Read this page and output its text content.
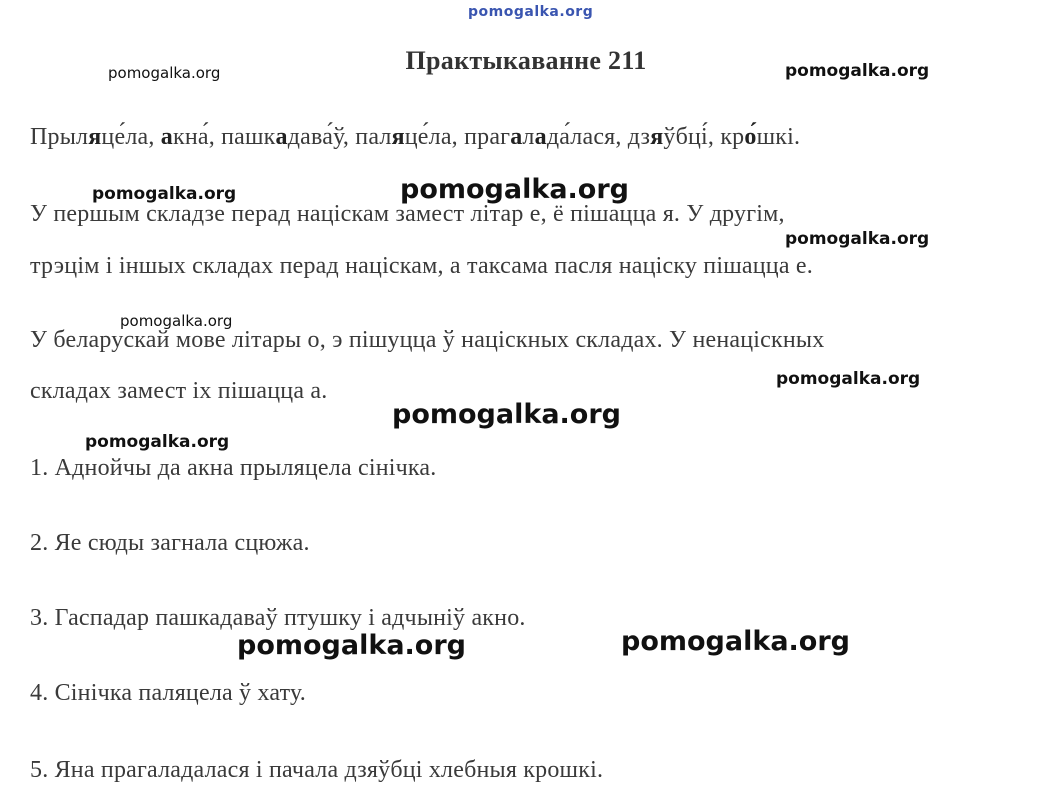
pomogalka.org
Практыкаванне 211
Прыляце́ла, акна́, пашкадава́ў, паляце́ла, прагалада́лася, дзяўбці́, кро́шкі.
У першым складзе перад націскам замест літар е, ё пішацца я. У другім,
трэцім і іншых складах перад націскам, а таксама пасля націску пішацца е.
У беларускай мове літары о, э пішуцца ў націскных складах. У ненаціскных
складах замест іх пішацца а.
1. Аднойчы да акна прыляцела сінічка.
2. Яе сюды загнала сцюжа.
3. Гаспадар пашкадаваў птушку і адчыніў акно.
4. Сінічка паляцела ў хату.
5. Яна прагаладалася і пачала дзяўбці хлебныя крошкі.
pomogalka.org	pomogalka.org
pomogalka.org	pomogalka.org
pomogalka.org
pomogalka.org
pomogalka.org
pomogalka.org
pomogalka.org
pomogalka.org	pomogalka.org
